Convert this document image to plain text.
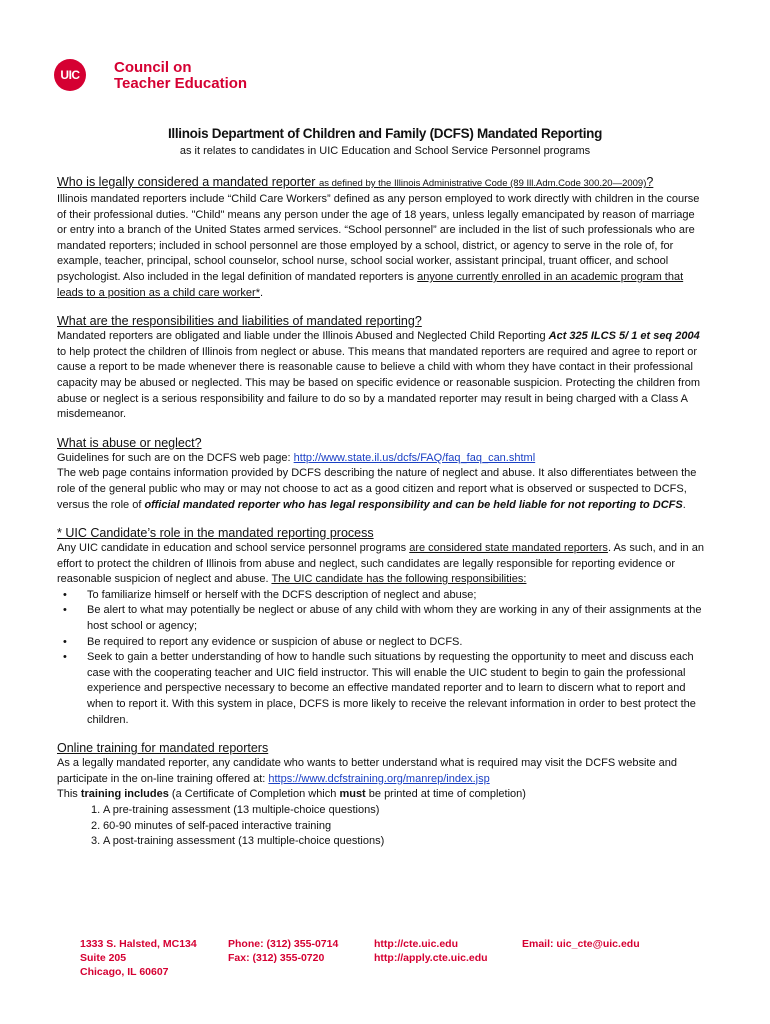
UIC Council on
Teacher Education
Illinois Department of Children and Family (DCFS) Mandated Reporting
as it relates to candidates in UIC Education and School Service Personnel programs
Who is legally considered a mandated reporter as defined by the Illinois Administrative Code (89 Ill.Adm.Code 300.20—2009)?

Illinois mandated reporters include “Child Care Workers” defined as any person employed to work directly with children in the course of their professional duties. "Child" means any person under the age of 18 years, unless legally emancipated by reason of marriage or entry into a branch of the United States armed services. “School personnel” are included in the list of such professionals who are mandated reporters; included in school personnel are those employed by a school, district, or agency to serve in the role of, for example, teacher, principal, school counselor, school nurse, school social worker, assistant principal, truant officer, and school psychologist. Also included in the legal definition of mandated reporters is anyone currently enrolled in an academic program that leads to a position as a child care worker*.

What are the responsibilities and liabilities of mandated reporting?

Mandated reporters are obligated and liable under the Illinois Abused and Neglected Child Reporting Act 325 ILCS 5/ 1 et seq 2004 to help protect the children of Illinois from neglect or abuse. This means that mandated reporters are required and agree to report or cause a report to be made whenever there is reasonable cause to believe a child with whom they have contact in their professional capacity may be abused or neglected. This may be based on specific evidence or reasonable suspicion. Protecting the children from abuse or neglect is a serious responsibility and failure to do so by a mandated reporter may result in being charged with a Class A misdemeanor.

What is abuse or neglect?

Guidelines for such are on the DCFS web page: http://www.state.il.us/dcfs/FAQ/faq_faq_can.shtml

The web page contains information provided by DCFS describing the nature of neglect and abuse. It also differentiates between the role of the general public who may or may not choose to act as a good citizen and report what is observed or suspected to DCFS, versus the role of official mandated reporter who has legal responsibility and can be held liable for not reporting to DCFS.

* UIC Candidate’s role in the mandated reporting process

Any UIC candidate in education and school service personnel programs are considered state mandated reporters. As such, and in an effort to protect the children of Illinois from abuse and neglect, such candidates are legally responsible for reporting evidence or reasonable suspicion of neglect and abuse. The UIC candidate has the following responsibilities:

• To familiarize himself or herself with the DCFS description of neglect and abuse;
• Be alert to what may potentially be neglect or abuse of any child with whom they are working in any of their assignments at the host school or agency;
• Be required to report any evidence or suspicion of abuse or neglect to DCFS.
• Seek to gain a better understanding of how to handle such situations by requesting the opportunity to meet and discuss each case with the cooperating teacher and UIC field instructor. This will enable the UIC student to begin to gain the professional experience and perspective necessary to become an effective mandated reporter and to learn to discern what to report and when to report it. With this system in place, DCFS is more likely to receive the relevant information in order to best protect the children.
Online training for mandated reporters

As a legally mandated reporter, any candidate who wants to better understand what is required may visit the DCFS website and participate in the on-line training offered at: https://www.dcfstraining.org/manrep/index.jsp

This training includes (a Certificate of Completion which must be printed at time of completion)

1. A pre-training assessment (13 multiple-choice questions)
2. 60-90 minutes of self-paced interactive training
3. A post-training assessment (13 multiple-choice questions)
1333 S. Halsted, MC134
Suite 205
Chicago, IL 60607
Phone: (312) 355-0714
Fax: (312) 355-0720
http://cte.uic.edu
http://apply.cte.uic.edu
Email: uic_cte@uic.edu
